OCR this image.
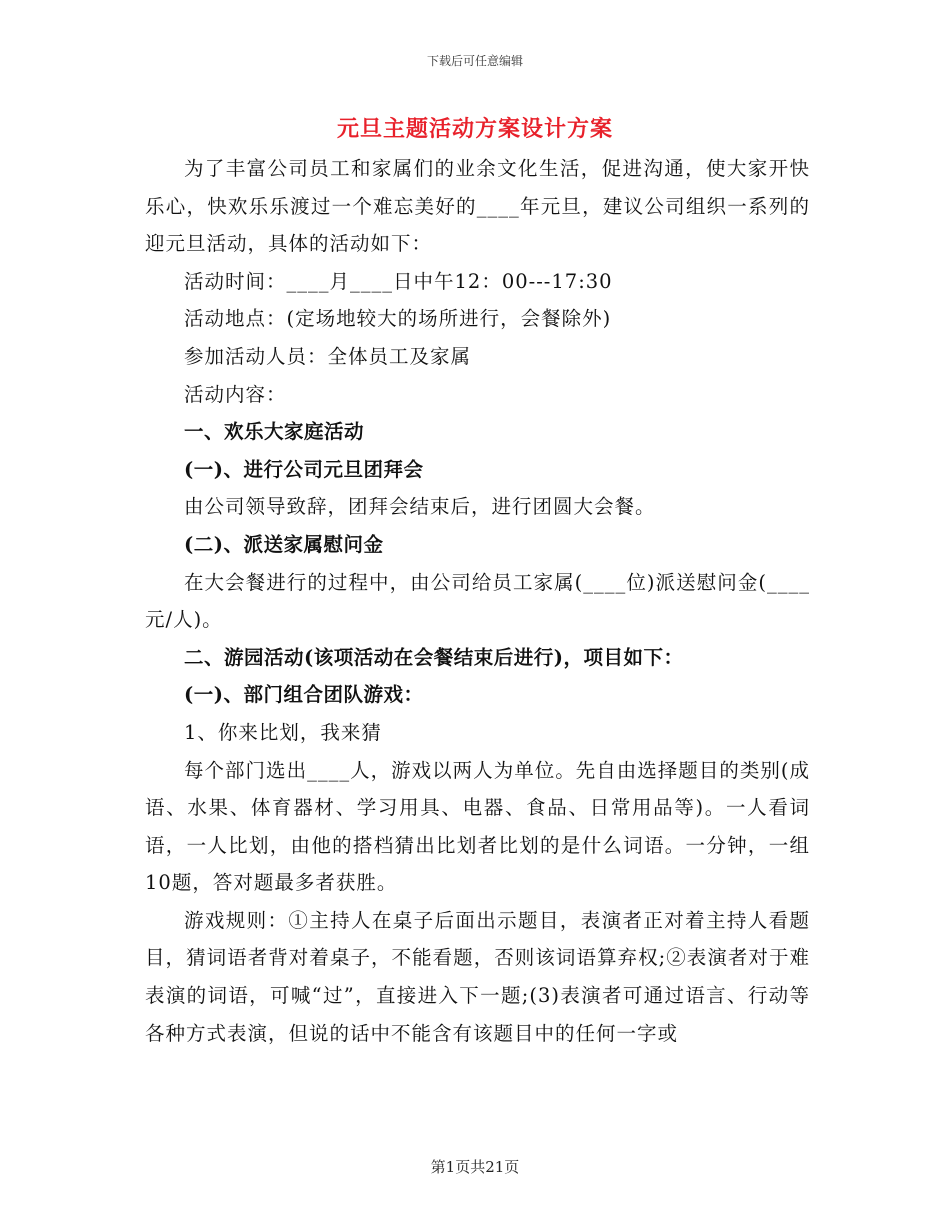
下载后可任意编辑
元旦主题活动方案设计方案

为了丰富公司员工和家属们的业余文化生活，促进沟通，使大家开快乐心，快欢乐乐渡过一个难忘美好的____年元旦，建议公司组织一系列的迎元旦活动，具体的活动如下：

活动时间：____月____日中午12：00---17:30

活动地点：(定场地较大的场所进行，会餐除外)

参加活动人员：全体员工及家属

活动内容：

一、欢乐大家庭活动

(一)、进行公司元旦团拜会

由公司领导致辞，团拜会结束后，进行团圆大会餐。

(二)、派送家属慰问金

在大会餐进行的过程中，由公司给员工家属(____位)派送慰问金(____元/人)。

二、游园活动(该项活动在会餐结束后进行)，项目如下：

(一)、部门组合团队游戏：

1、你来比划，我来猜

每个部门选出____人，游戏以两人为单位。先自由选择题目的类别(成语、水果、体育器材、学习用具、电器、食品、日常用品等)。一人看词语，一人比划，由他的搭档猜出比划者比划的是什么词语。一分钟，一组10题，答对题最多者获胜。

游戏规则：①主持人在桌子后面出示题目，表演者正对着主持人看题目，猜词语者背对着桌子，不能看题，否则该词语算弃权;②表演者对于难表演的词语，可喊“过”，直接进入下一题;(3)表演者可通过语言、行动等各种方式表演，但说的话中不能含有该题目中的任何一字或

第1页共21页
